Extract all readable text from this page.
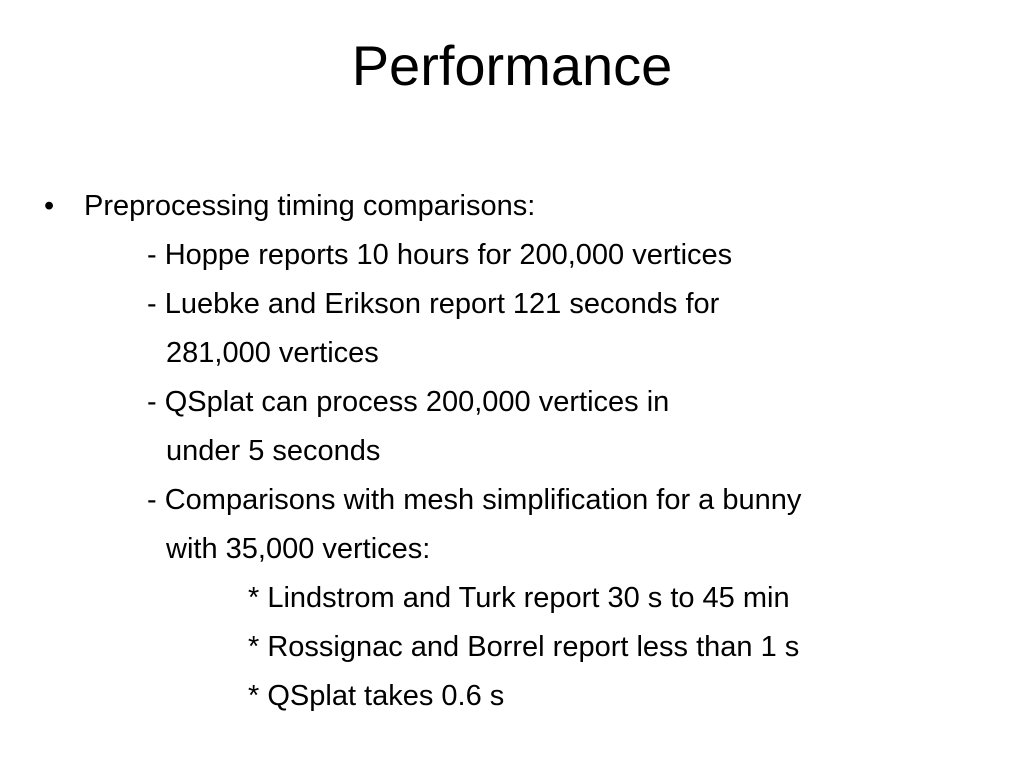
Performance
• Preprocessing timing comparisons:
- Hoppe reports 10 hours for 200,000 vertices
- Luebke and Erikson report 121 seconds for
281,000 vertices
- QSplat can process 200,000 vertices in
under 5 seconds
- Comparisons with mesh simplification for a bunny
with 35,000 vertices:
* Lindstrom and Turk report 30 s to 45 min
* Rossignac and Borrel report less than 1 s
* QSplat takes 0.6 s
